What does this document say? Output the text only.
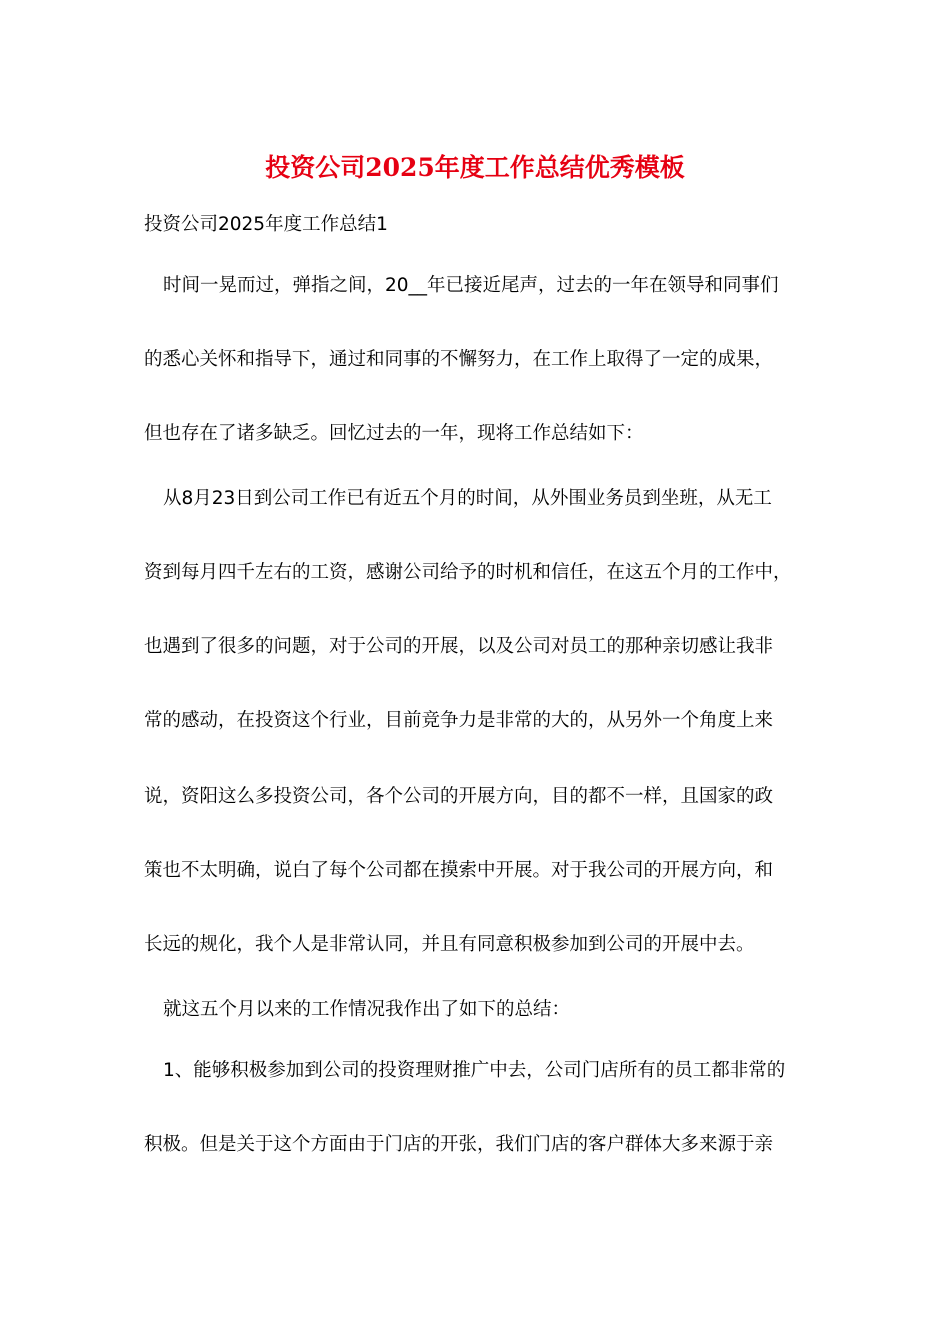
投资公司2025年度工作总结优秀模板

投资公司2025年度工作总结1

时间一晃而过，弹指之间，20__年已接近尾声，过去的一年在领导和同事们

的悉心关怀和指导下，通过和同事的不懈努力，在工作上取得了一定的成果，

但也存在了诸多缺乏。回忆过去的一年，现将工作总结如下：

从8月23日到公司工作已有近五个月的时间，从外围业务员到坐班，从无工

资到每月四千左右的工资，感谢公司给予的时机和信任，在这五个月的工作中，

也遇到了很多的问题，对于公司的开展，以及公司对员工的那种亲切感让我非

常的感动，在投资这个行业，目前竞争力是非常的大的，从另外一个角度上来

说，资阳这么多投资公司，各个公司的开展方向，目的都不一样，且国家的政

策也不太明确，说白了每个公司都在摸索中开展。对于我公司的开展方向，和

长远的规化，我个人是非常认同，并且有同意积极参加到公司的开展中去。

就这五个月以来的工作情况我作出了如下的总结：

1、能够积极参加到公司的投资理财推广中去，公司门店所有的员工都非常的

积极。但是关于这个方面由于门店的开张，我们门店的客户群体大多来源于亲
